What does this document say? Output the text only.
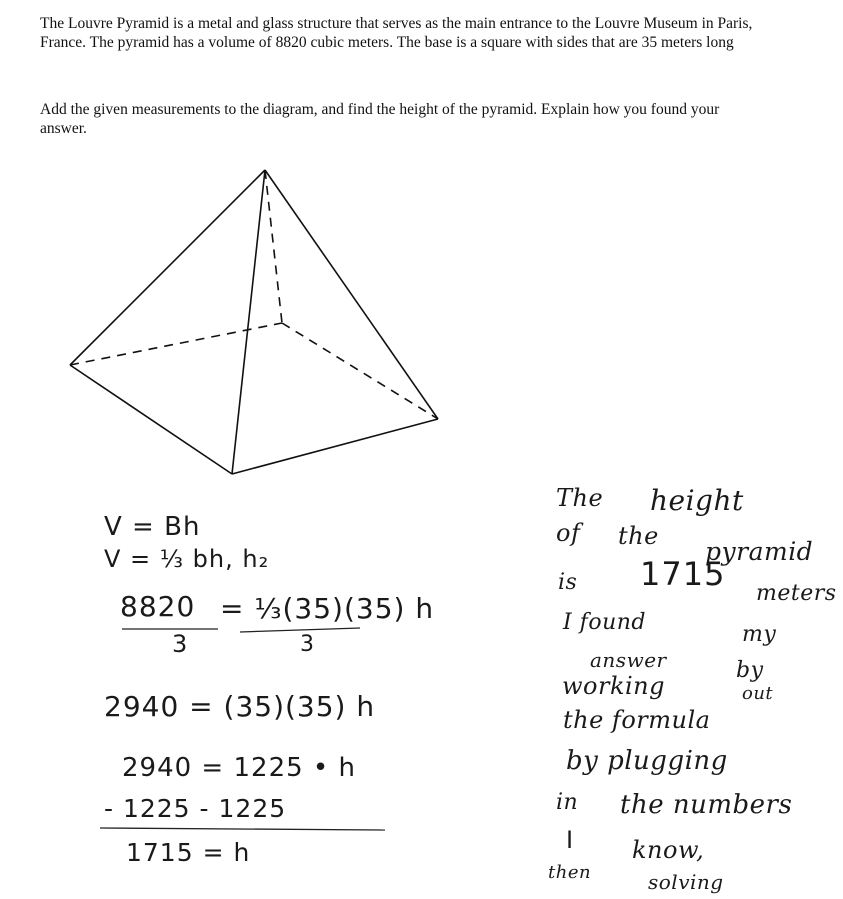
The Louvre Pyramid is a metal and glass structure that serves as the main entrance to the Louvre Museum in Paris, France. The pyramid has a volume of 8820 cubic meters. The base is a square with sides that are 35 meters long
Add the given measurements to the diagram, and find the height of the pyramid. Explain how you found your answer.
V = Bh
V = ⅓ bh, h₂
8820 = ⅓(35)(35) h
3	3
2940 = (35)(35) h
2940 = 1225 • h
- 1225 - 1225
1715 = h
The height
of the
pyramid
is 1715
meters
I found	my
answer	by
working	out
the formula
by plugging
in the numbers
I know,
then	solving
